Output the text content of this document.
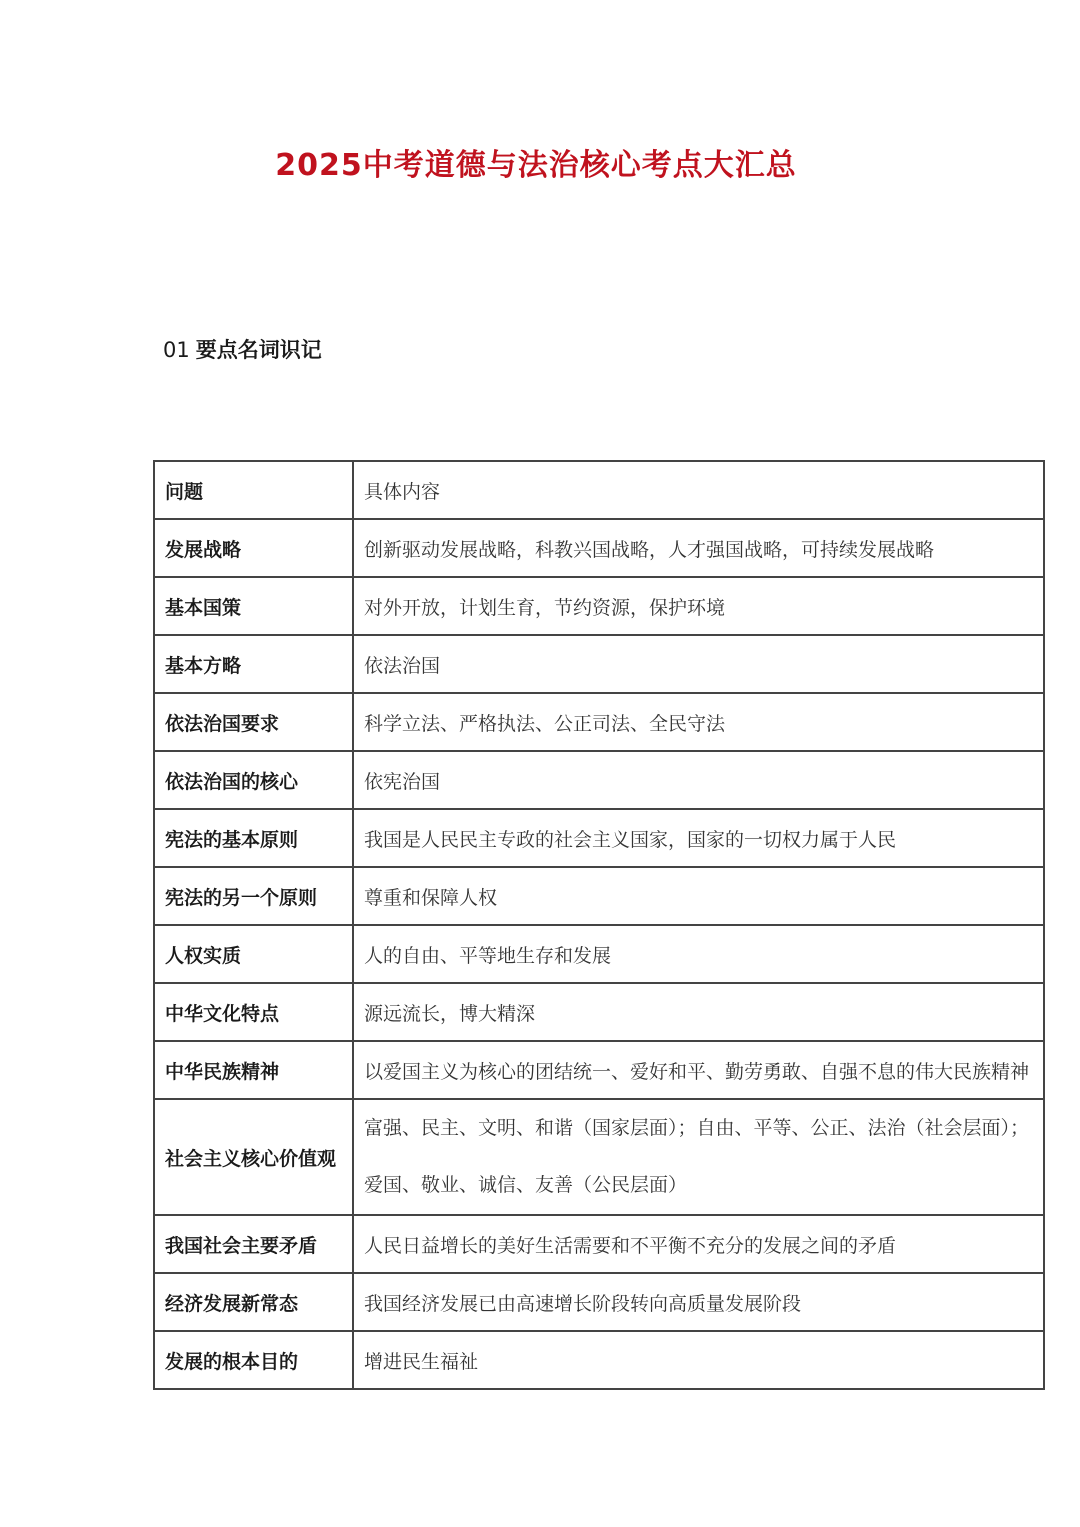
2025中考道德与法治核心考点大汇总
01 要点名词识记
问题	具体内容
发展战略	创新驱动发展战略，科教兴国战略，人才强国战略，可持续发展战略
基本国策	对外开放，计划生育，节约资源，保护环境
基本方略	依法治国
依法治国要求	科学立法、严格执法、公正司法、全民守法
依法治国的核心	依宪治国
宪法的基本原则	我国是人民民主专政的社会主义国家，国家的一切权力属于人民
宪法的另一个原则	尊重和保障人权
人权实质	人的自由、平等地生存和发展
中华文化特点	源远流长，博大精深
中华民族精神	以爱国主义为核心的团结统一、爱好和平、勤劳勇敢、自强不息的伟大民族精神
社会主义核心价值观	富强、民主、文明、和谐（国家层面）；自由、平等、公正、法治（社会层面）；爱国、敬业、诚信、友善（公民层面）
我国社会主要矛盾	人民日益增长的美好生活需要和不平衡不充分的发展之间的矛盾
经济发展新常态	我国经济发展已由高速增长阶段转向高质量发展阶段
发展的根本目的	增进民生福祉
